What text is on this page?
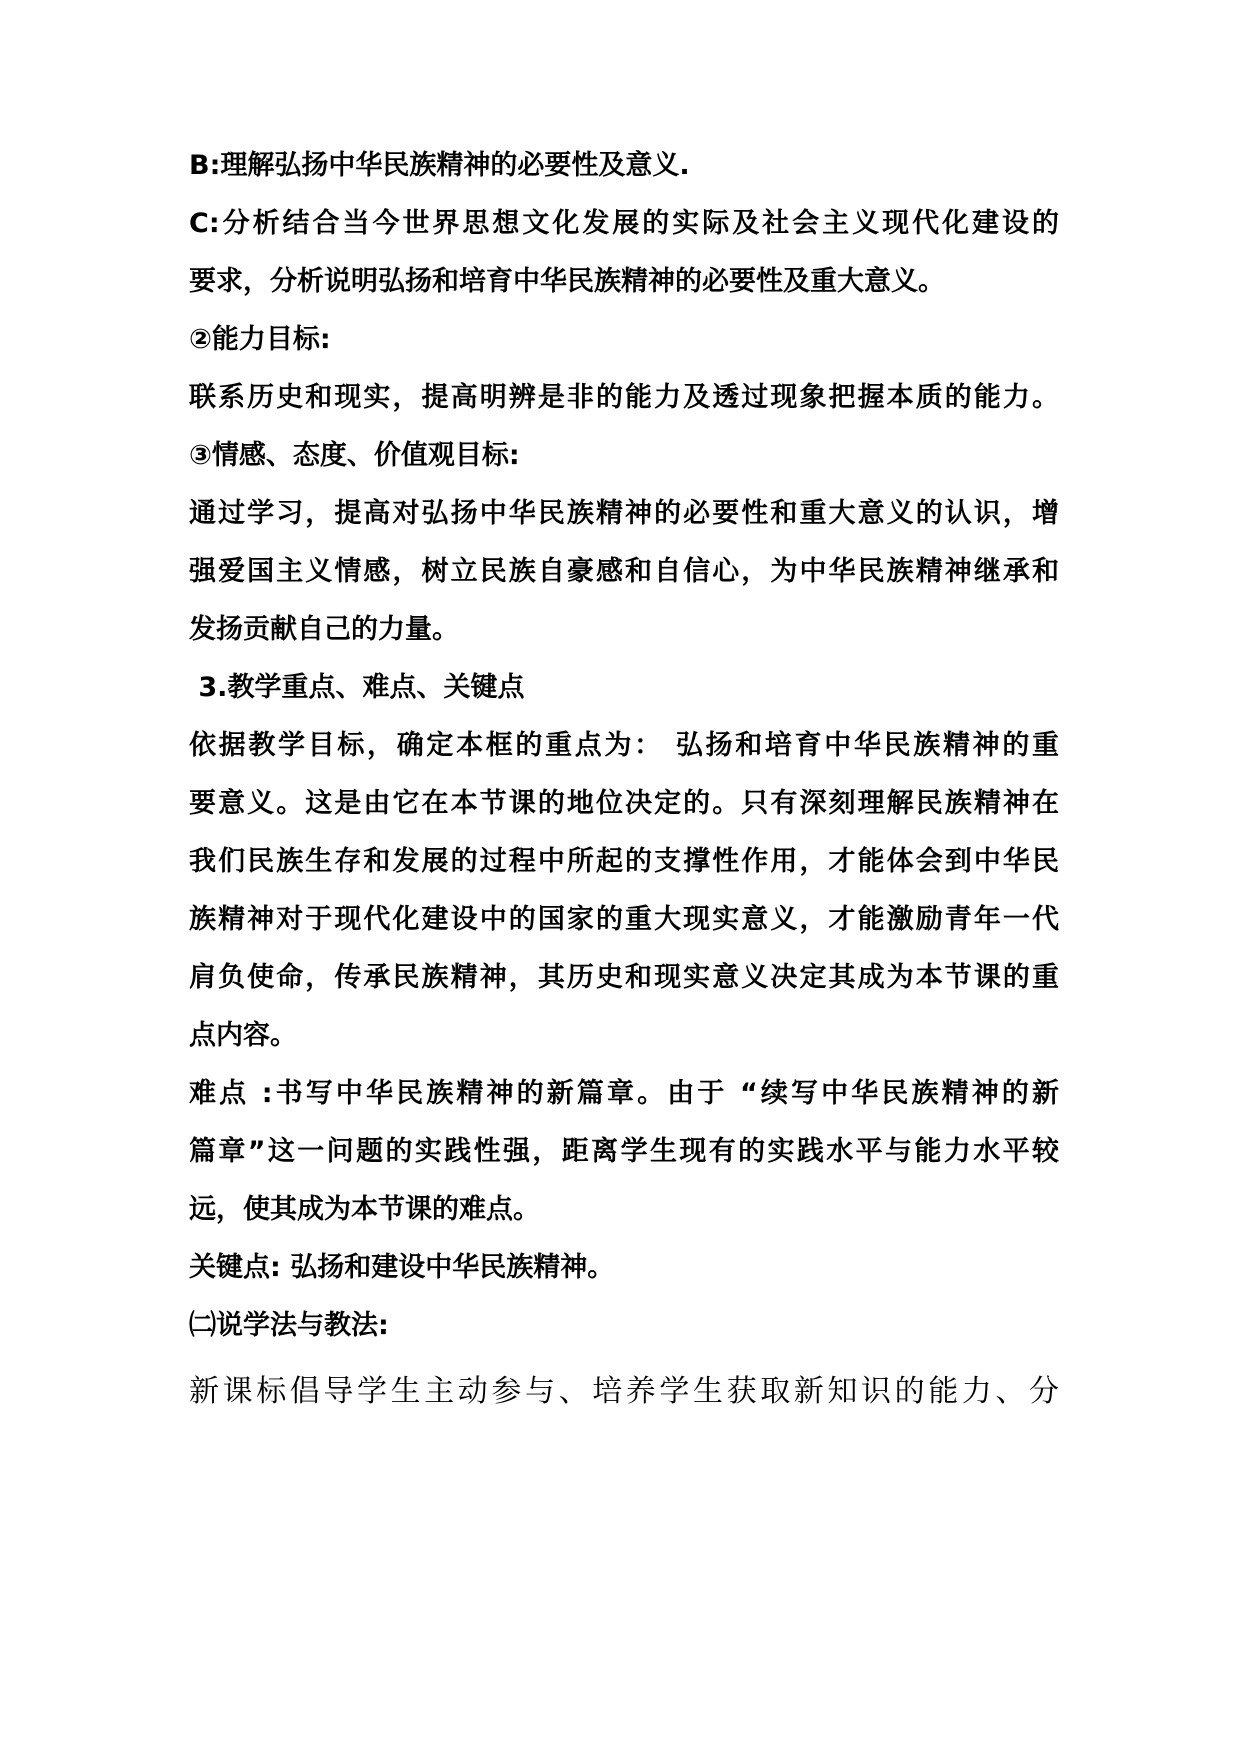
B:理解弘扬中华民族精神的必要性及意义.
C:分析结合当今世界思想文化发展的实际及社会主义现代化建设的
要求，分析说明弘扬和培育中华民族精神的必要性及重大意义。
②能力目标:
联系历史和现实，提高明辨是非的能力及透过现象把握本质的能力。
③情感、态度、价值观目标:
通过学习，提高对弘扬中华民族精神的必要性和重大意义的认识，增
强爱国主义情感，树立民族自豪感和自信心，为中华民族精神继承和
发扬贡献自己的力量。
3.教学重点、难点、关键点
依据教学目标，确定本框的重点为： 弘扬和培育中华民族精神的重
要意义。这是由它在本节课的地位决定的。只有深刻理解民族精神在
我们民族生存和发展的过程中所起的支撑性作用，才能体会到中华民
族精神对于现代化建设中的国家的重大现实意义，才能激励青年一代
肩负使命，传承民族精神，其历史和现实意义决定其成为本节课的重
点内容。
难点 :书写中华民族精神的新篇章。由于 “续写中华民族精神的新
篇章”这一问题的实践性强，距离学生现有的实践水平与能力水平较
远，使其成为本节课的难点。
关键点: 弘扬和建设中华民族精神。
㈡说学法与教法:
新课标倡导学生主动参与、培养学生获取新知识的能力、分
